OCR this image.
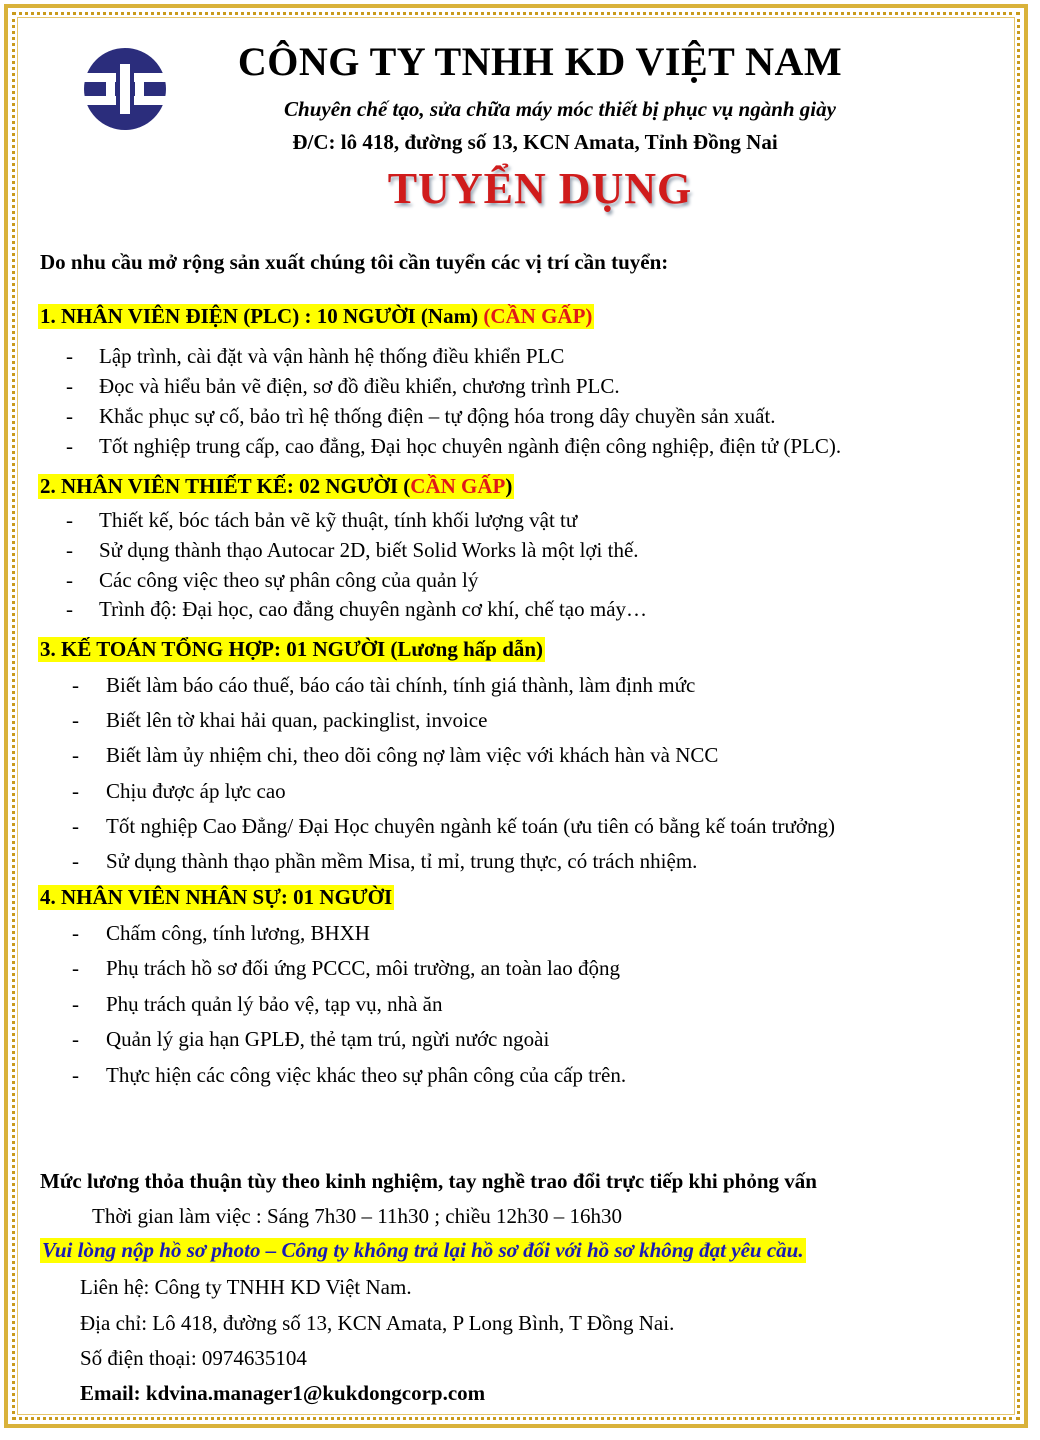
CÔNG TY TNHH KD VIỆT NAM
Chuyên chế tạo, sửa chữa máy móc thiết bị phục vụ ngành giày
Đ/C: lô 418, đường số 13, KCN Amata, Tỉnh Đồng Nai
TUYỂN DỤNG
Do nhu cầu mở rộng sản xuất chúng tôi cần tuyển các vị trí cần tuyển:
1. NHÂN VIÊN ĐIỆN (PLC) : 10 NGƯỜI (Nam) (CẦN GẤP)
- Lập trình, cài đặt và vận hành hệ thống điều khiển PLC
- Đọc và hiểu bản vẽ điện, sơ đồ điều khiển, chương trình PLC.
- Khắc phục sự cố, bảo trì hệ thống điện – tự động hóa trong dây chuyền sản xuất.
- Tốt nghiệp trung cấp, cao đẳng, Đại học chuyên ngành điện công nghiệp, điện tử (PLC).
2. NHÂN VIÊN THIẾT KẾ: 02 NGƯỜI (CẦN GẤP)
- Thiết kế, bóc tách bản vẽ kỹ thuật, tính khối lượng vật tư
- Sử dụng thành thạo Autocar 2D, biết Solid Works là một lợi thế.
- Các công việc theo sự phân công của quản lý
- Trình độ: Đại học, cao đẳng chuyên ngành cơ khí, chế tạo máy…
3. KẾ TOÁN TỔNG HỢP: 01 NGƯỜI (Lương hấp dẫn)
- Biết làm báo cáo thuế, báo cáo tài chính, tính giá thành, làm định mức
- Biết lên tờ khai hải quan, packinglist, invoice
- Biết làm ủy nhiệm chi, theo dõi công nợ làm việc với khách hàn và NCC
- Chịu được áp lực cao
- Tốt nghiệp Cao Đẳng/ Đại Học chuyên ngành kế toán (ưu tiên có bằng kế toán trưởng)
- Sử dụng thành thạo phần mềm Misa, tỉ mỉ, trung thực, có trách nhiệm.
4. NHÂN VIÊN NHÂN SỰ: 01 NGƯỜI
- Chấm công, tính lương, BHXH
- Phụ trách hồ sơ đối ứng PCCC, môi trường, an toàn lao động
- Phụ trách quản lý bảo vệ, tạp vụ, nhà ăn
- Quản lý gia hạn GPLĐ, thẻ tạm trú, ngừi nước ngoài
- Thực hiện các công việc khác theo sự phân công của cấp trên.
Mức lương thỏa thuận tùy theo kinh nghiệm, tay nghề trao đổi trực tiếp khi phỏng vấn
Thời gian làm việc : Sáng 7h30 – 11h30 ; chiều 12h30 – 16h30
Vui lòng nộp hồ sơ photo – Công ty không trả lại hồ sơ đối với hồ sơ không đạt yêu cầu.
Liên hệ: Công ty TNHH KD Việt Nam.
Địa chỉ: Lô 418, đường số 13, KCN Amata, P Long Bình, T Đồng Nai.
Số điện thoại: 0974635104
Email: kdvina.manager1@kukdongcorp.com
